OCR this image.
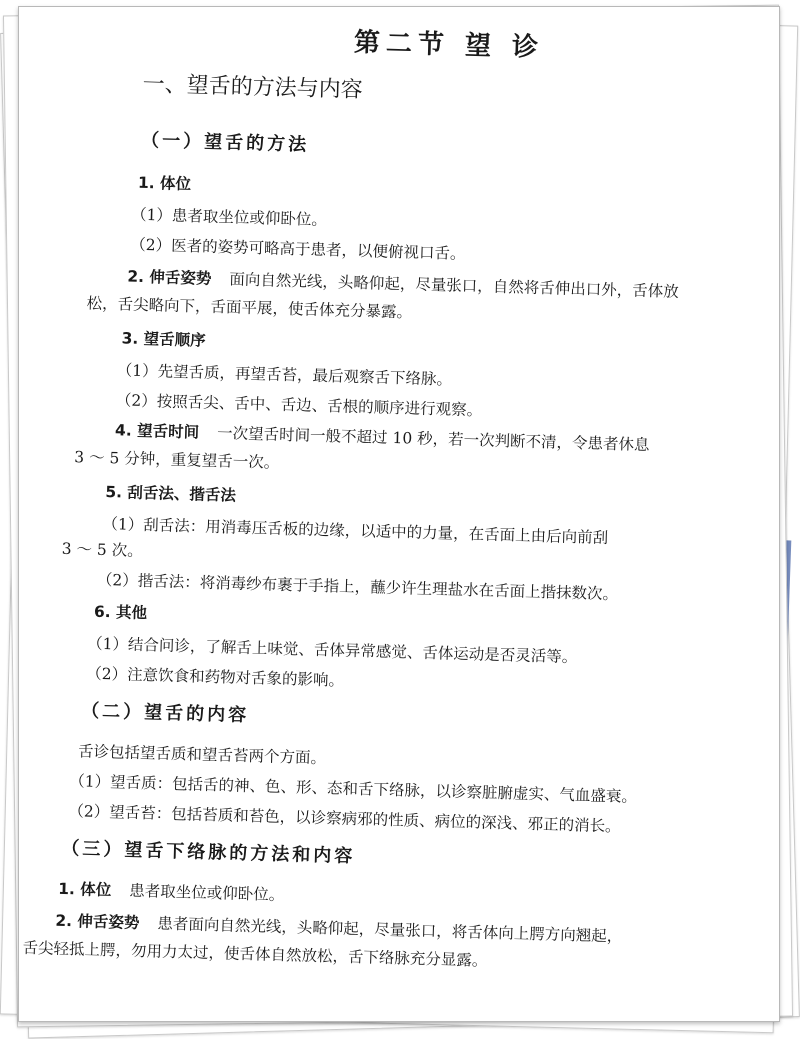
第二节 望 诊
一、望舌的方法与内容
（一）望舌的方法
1. 体位
（1）患者取坐位或仰卧位。
（2）医者的姿势可略高于患者，以便俯视口舌。
2. 伸舌姿势 面向自然光线，头略仰起，尽量张口，自然将舌伸出口外，舌体放
松，舌尖略向下，舌面平展，使舌体充分暴露。
3. 望舌顺序
（1）先望舌质，再望舌苔，最后观察舌下络脉。
（2）按照舌尖、舌中、舌边、舌根的顺序进行观察。
4. 望舌时间 一次望舌时间一般不超过 10 秒，若一次判断不清，令患者休息
3 ～ 5 分钟，重复望舌一次。
5. 刮舌法、揩舌法
（1）刮舌法：用消毒压舌板的边缘，以适中的力量，在舌面上由后向前刮
3 ～ 5 次。
（2）揩舌法：将消毒纱布裹于手指上，蘸少许生理盐水在舌面上揩抹数次。
6. 其他
（1）结合问诊，了解舌上味觉、舌体异常感觉、舌体运动是否灵活等。
（2）注意饮食和药物对舌象的影响。
（二）望舌的内容
舌诊包括望舌质和望舌苔两个方面。
（1）望舌质：包括舌的神、色、形、态和舌下络脉，以诊察脏腑虚实、气血盛衰。
（2）望舌苔：包括苔质和苔色，以诊察病邪的性质、病位的深浅、邪正的消长。
（三）望舌下络脉的方法和内容
1. 体位 患者取坐位或仰卧位。
2. 伸舌姿势 患者面向自然光线，头略仰起，尽量张口，将舌体向上腭方向翘起，
舌尖轻抵上腭，勿用力太过，使舌体自然放松，舌下络脉充分显露。
